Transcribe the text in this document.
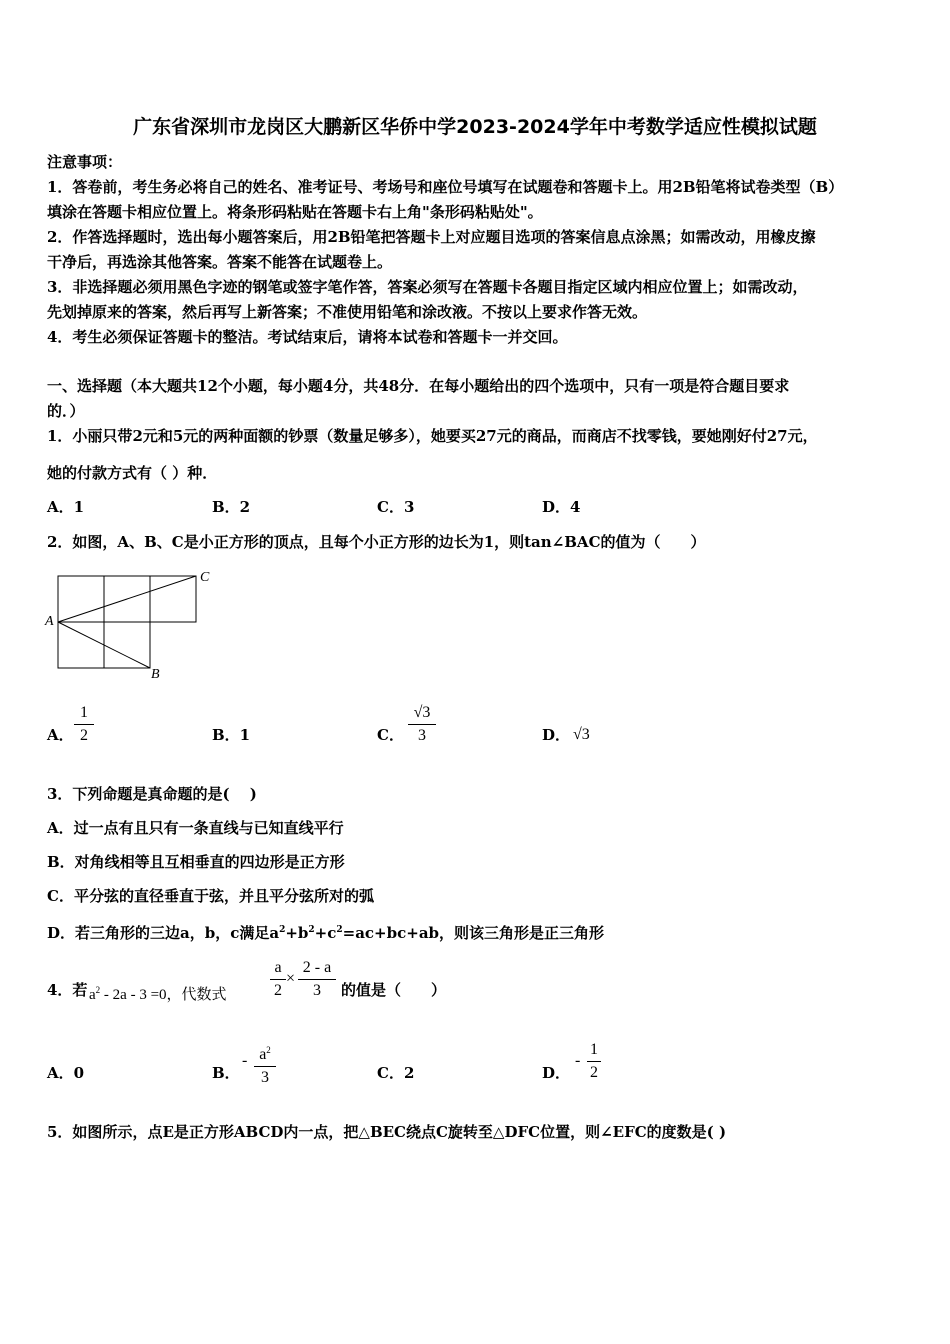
广东省深圳市龙岗区大鹏新区华侨中学2023-2024学年中考数学适应性模拟试题
注意事项：
1．答卷前，考生务必将自己的姓名、准考证号、考场号和座位号填写在试题卷和答题卡上。用2B铅笔将试卷类型（B）
填涂在答题卡相应位置上。将条形码粘贴在答题卡右上角"条形码粘贴处"。
2．作答选择题时，选出每小题答案后，用2B铅笔把答题卡上对应题目选项的答案信息点涂黑；如需改动，用橡皮擦
干净后，再选涂其他答案。答案不能答在试题卷上。
3．非选择题必须用黑色字迹的钢笔或签字笔作答，答案必须写在答题卡各题目指定区域内相应位置上；如需改动，
先划掉原来的答案，然后再写上新答案；不准使用铅笔和涂改液。不按以上要求作答无效。
4．考生必须保证答题卡的整洁。考试结束后，请将本试卷和答题卡一并交回。
一、选择题（本大题共12个小题，每小题4分，共48分．在每小题给出的四个选项中，只有一项是符合题目要求
的．）
1．小丽只带2元和5元的两种面额的钞票（数量足够多），她要买27元的商品，而商店不找零钱，要她刚好付27元，
她的付款方式有（ ）种．
A．1	B．2	C．3	D．4
2．如图，A、B、C是小正方形的顶点，且每个小正方形的边长为1，则tan∠BAC的值为（　　）
A
B
C
A．
1
2	B．1	C．
√3
3	D． √3
3．下列命题是真命题的是(　 )
A．过一点有且只有一条直线与已知直线平行
B．对角线相等且互相垂直的四边形是正方形
C．平分弦的直径垂直于弦，并且平分弦所对的弧
D．若三角形的三边a，b，c满足$a^2+b^2+c^2=ac+bc+ab$，则该三角形是正三角形
4．若 $a^2 - 2a - 3 =0$，代数式
a
2
×
2 - a
3	的值是（　　）
A．0	B．
- $a^2$
3	C．2	D．
-
1
2
5．如图所示，点E是正方形ABCD内一点，把△BEC绕点C旋转至△DFC位置，则∠EFC的度数是( )
